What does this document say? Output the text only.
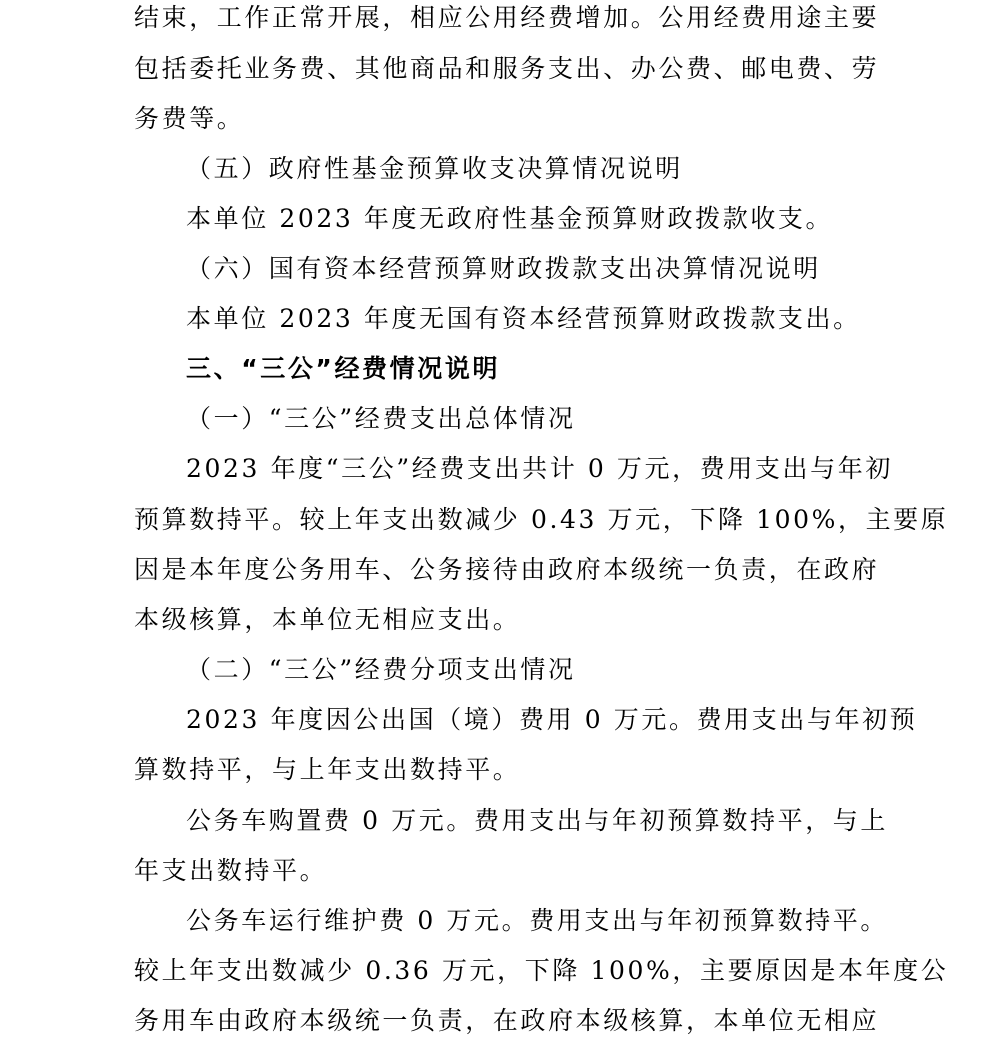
结束，工作正常开展，相应公用经费增加。公用经费用途主要
包括委托业务费、其他商品和服务支出、办公费、邮电费、劳
务费等。
（五）政府性基金预算收支决算情况说明
本单位 2023 年度无政府性基金预算财政拨款收支。
（六）国有资本经营预算财政拨款支出决算情况说明
本单位 2023 年度无国有资本经营预算财政拨款支出。
三、“三公”经费情况说明
（一）“三公”经费支出总体情况
2023 年度“三公”经费支出共计 0 万元，费用支出与年初
预算数持平。较上年支出数减少 0.43 万元，下降 100%，主要原
因是本年度公务用车、公务接待由政府本级统一负责，在政府
本级核算，本单位无相应支出。
（二）“三公”经费分项支出情况
2023 年度因公出国（境）费用 0 万元。费用支出与年初预
算数持平，与上年支出数持平。
公务车购置费 0 万元。费用支出与年初预算数持平，与上
年支出数持平。
公务车运行维护费 0 万元。费用支出与年初预算数持平。
较上年支出数减少 0.36 万元，下降 100%，主要原因是本年度公
务用车由政府本级统一负责，在政府本级核算，本单位无相应
